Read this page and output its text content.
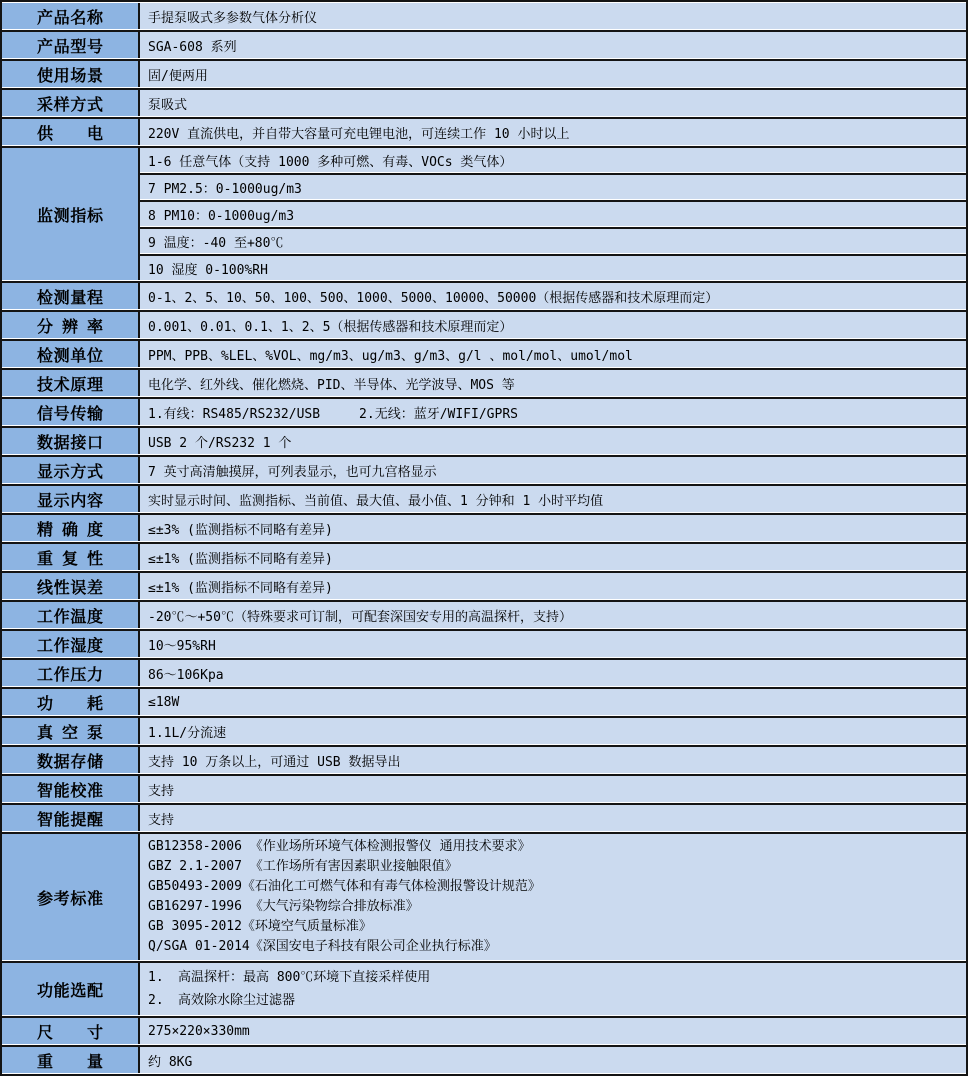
产品名称	手提泵吸式多参数气体分析仪
产品型号	SGA-608 系列
使用场景	固/便两用
采样方式	泵吸式
供电	220V 直流供电，并自带大容量可充电锂电池，可连续工作 10 小时以上
监测指标	1-6 任意气体（支持 1000 多种可燃、有毒、VOCs 类气体）
	7 PM2.5：0-1000ug/m3
	8 PM10：0-1000ug/m3
	9 温度：-40 至+80℃
	10 湿度 0-100%RH
检测量程	0-1、2、5、10、50、100、500、1000、5000、10000、50000（根据传感器和技术原理而定）
分辨率	0.001、0.01、0.1、1、2、5（根据传感器和技术原理而定）
检测单位	PPM、PPB、%LEL、%VOL、mg/m3、ug/m3、g/m3、g/l 、mol/mol、umol/mol
技术原理	电化学、红外线、催化燃烧、PID、半导体、光学波导、MOS 等
信号传输	1.有线：RS485/RS232/USB　　　2.无线：蓝牙/WIFI/GPRS
数据接口	USB 2 个/RS232 1 个
显示方式	7 英寸高清触摸屏，可列表显示，也可九宫格显示
显示内容	实时显示时间、监测指标、当前值、最大值、最小值、1 分钟和 1 小时平均值
精确度	≤±3% (监测指标不同略有差异)
重复性	≤±1% (监测指标不同略有差异)
线性误差	≤±1% (监测指标不同略有差异)
工作温度	-20℃～+50℃（特殊要求可订制，可配套深国安专用的高温探杆，支持）
工作湿度	10～95%RH
工作压力	86～106Kpa
功耗	≤18W
真空泵	1.1L/分流速
数据存储	支持 10 万条以上，可通过 USB 数据导出
智能校准	支持
智能提醒	支持
参考标准	
GB12358-2006 《作业场所环境气体检测报警仪 通用技术要求》
GBZ 2.1-2007 《工作场所有害因素职业接触限值》
GB50493-2009《石油化工可燃气体和有毒气体检测报警设计规范》
GB16297-1996 《大气污染物综合排放标准》
GB 3095-2012《环境空气质量标准》
Q/SGA 01-2014《深国安电子科技有限公司企业执行标准》

功能选配	1. 高温探杆：最高 800℃环境下直接采样使用
2. 高效除水除尘过滤器

尺寸	275×220×330mm
重量	约 8KG
